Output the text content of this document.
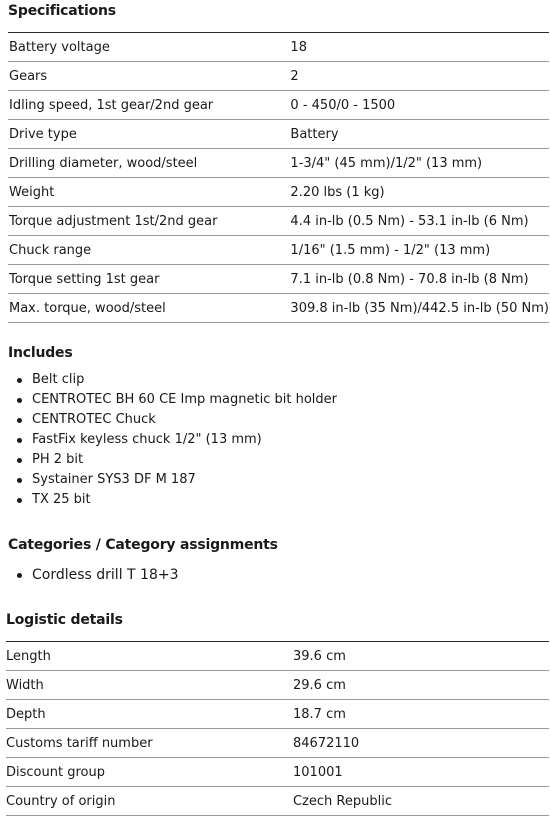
Specifications
Battery voltage	18
Gears	2
Idling speed, 1st gear/2nd gear	0 - 450/0 - 1500
Drive type	Battery
Drilling diameter, wood/steel	1-3/4" (45 mm)/1/2" (13 mm)
Weight	2.20 lbs (1 kg)
Torque adjustment 1st/2nd gear	4.4 in-lb (0.5 Nm) - 53.1 in-lb (6 Nm)
Chuck range	1/16" (1.5 mm) - 1/2" (13 mm)
Torque setting 1st gear	7.1 in-lb (0.8 Nm) - 70.8 in-lb (8 Nm)
Max. torque, wood/steel	309.8 in-lb (35 Nm)/442.5 in-lb (50 Nm)
Includes
Belt clip
CENTROTEC BH 60 CE Imp magnetic bit holder
CENTROTEC Chuck
FastFix keyless chuck 1/2" (13 mm)
PH 2 bit
Systainer SYS3 DF M 187
TX 25 bit
Categories / Category assignments
Cordless drill T 18+3
Logistic details
Length	39.6 cm
Width	29.6 cm
Depth	18.7 cm
Customs tariff number	84672110
Discount group	101001
Country of origin	Czech Republic
